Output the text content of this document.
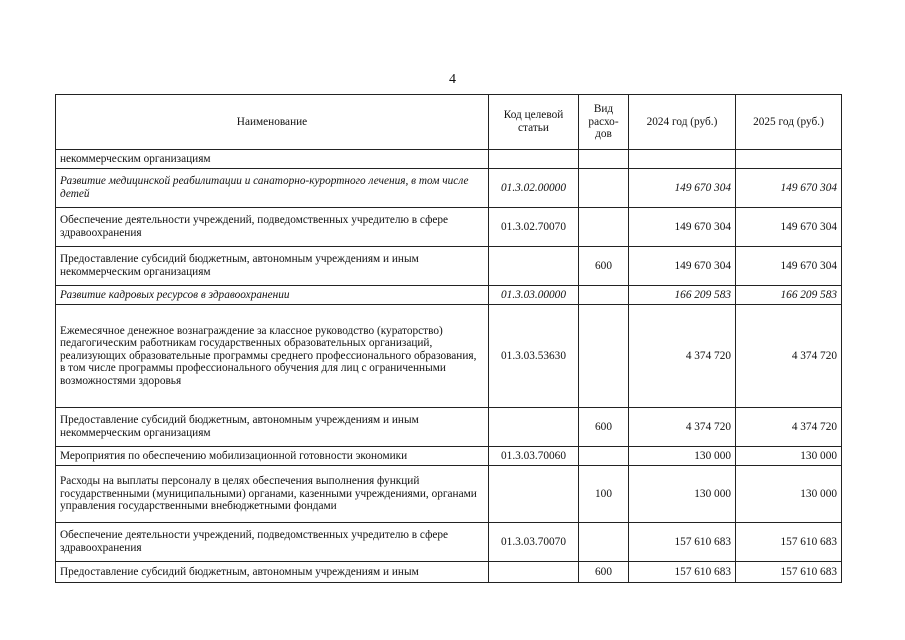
4
Наименование	Код целевой статьи	Вид расхо-дов	2024 год (руб.)	2025 год (руб.)
некоммерческим организациям				
Развитие медицинской реабилитации и санаторно-курортного лечения, в том числе детей	01.3.02.00000		149 670 304	149 670 304
Обеспечение деятельности учреждений, подведомственных учредителю в сфере здравоохранения	01.3.02.70070		149 670 304	149 670 304
Предоставление субсидий бюджетным, автономным учреждениям и иным некоммерческим организациям		600	149 670 304	149 670 304
Развитие кадровых ресурсов в здравоохранении	01.3.03.00000		166 209 583	166 209 583
Ежемесячное денежное вознаграждение за классное руководство (кураторство) педагогическим работникам государственных образовательных организаций, реализующих образовательные программы среднего профессионального образования, в том числе программы профессионального обучения для лиц с ограниченными возможностями здоровья	01.3.03.53630		4 374 720	4 374 720
Предоставление субсидий бюджетным, автономным учреждениям и иным некоммерческим организациям		600	4 374 720	4 374 720
Мероприятия по обеспечению мобилизационной готовности экономики	01.3.03.70060		130 000	130 000
Расходы на выплаты персоналу в целях обеспечения выполнения функций государственными (муниципальными) органами, казенными учреждениями, органами управления государственными внебюджетными фондами		100	130 000	130 000
Обеспечение деятельности учреждений, подведомственных учредителю в сфере здравоохранения	01.3.03.70070		157 610 683	157 610 683
Предоставление субсидий бюджетным, автономным учреждениям и иным		600	157 610 683	157 610 683
